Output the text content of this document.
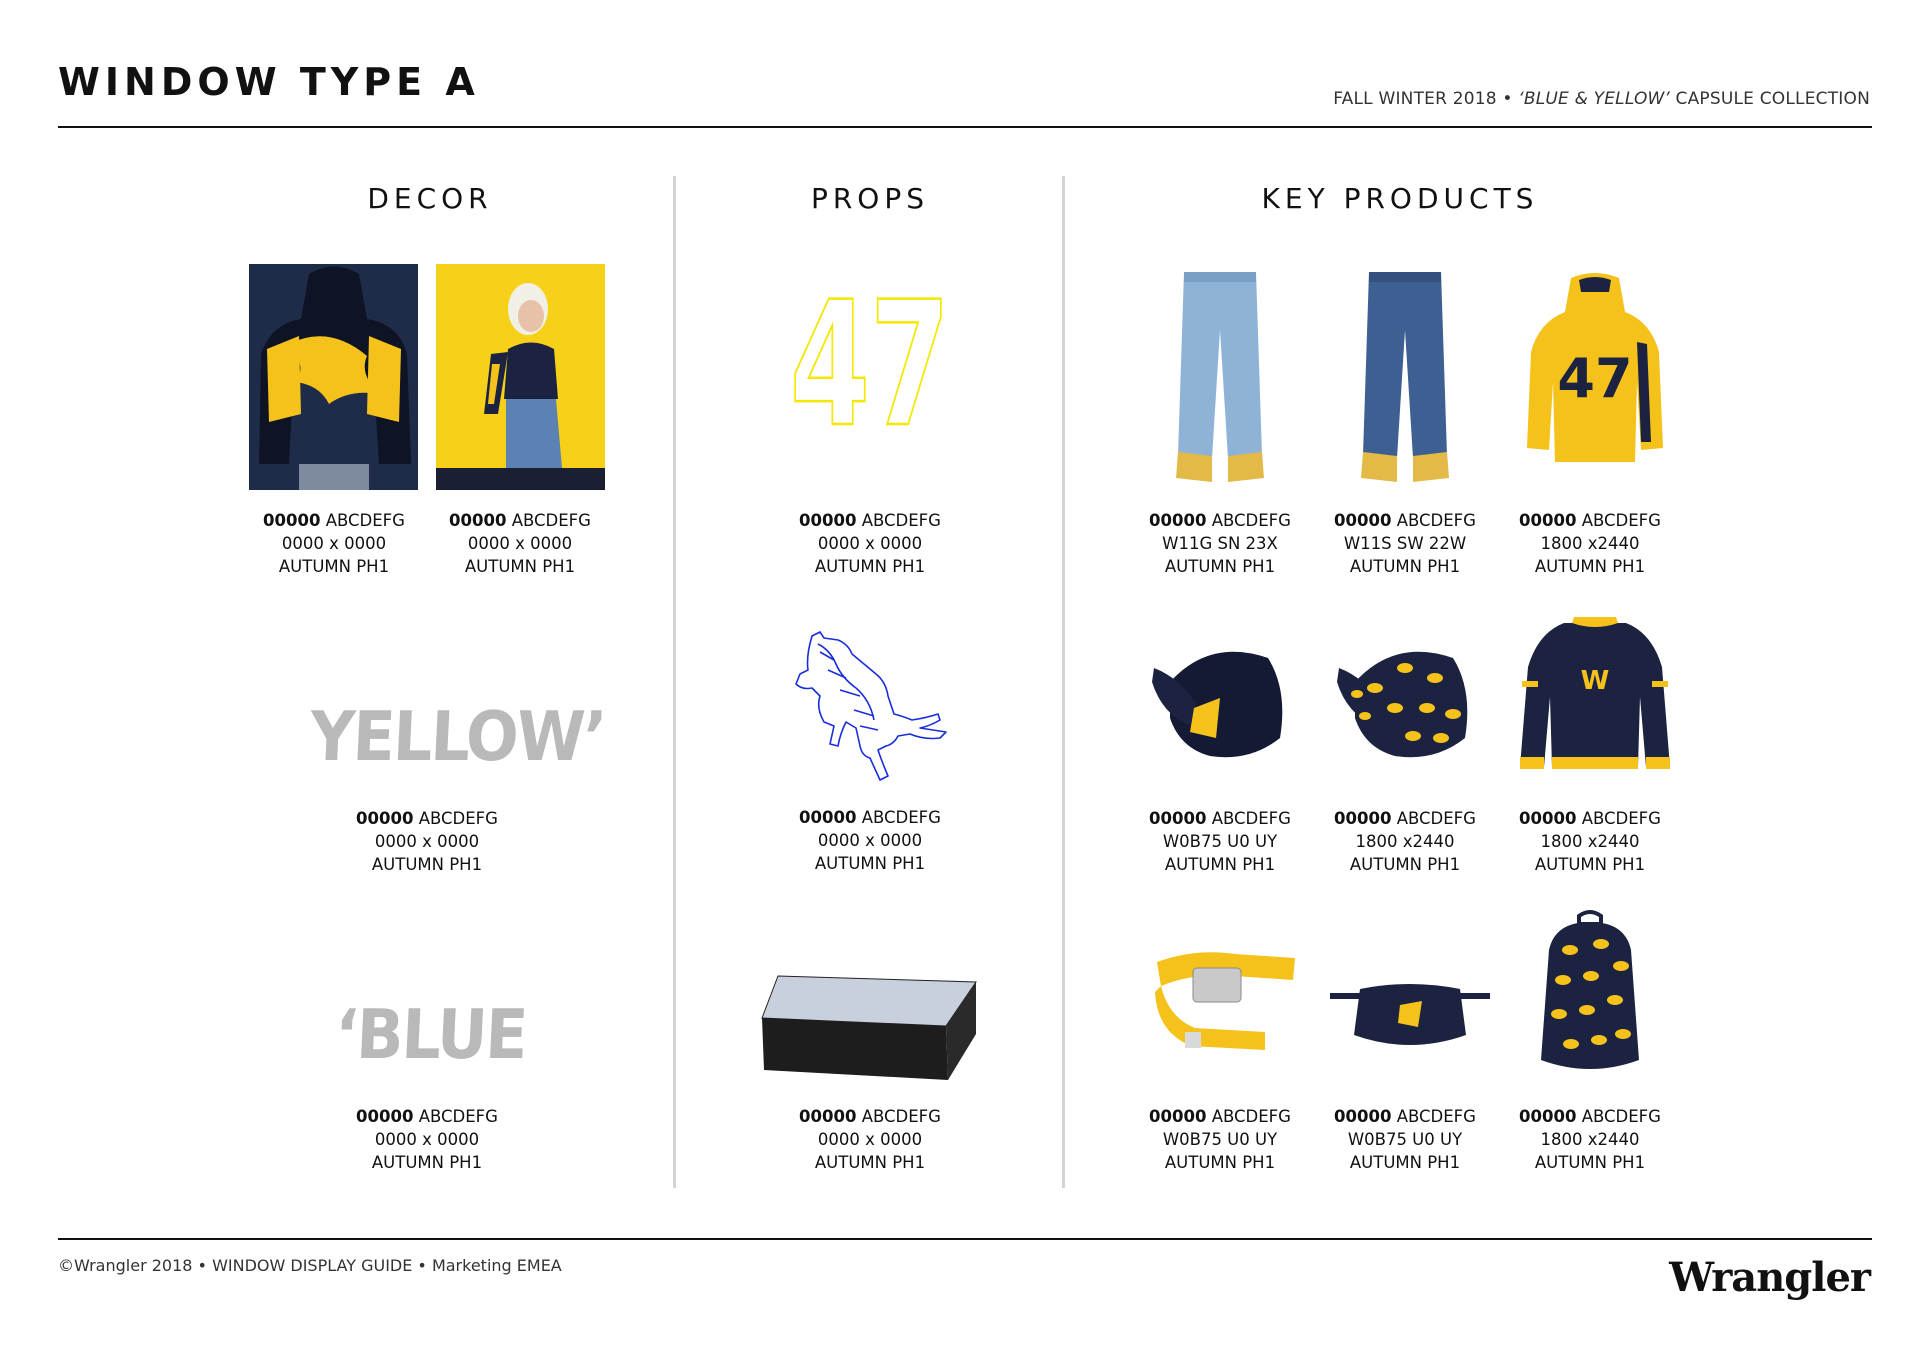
WINDOW TYPE A	FALL WINTER 2018 • ‘BLUE & YELLOW’ CAPSULE COLLECTION
DECOR	PROPS	KEY PRODUCTS
00000 ABCDEFG
0000 x 0000
AUTUMN PH1
00000 ABCDEFG
0000 x 0000
AUTUMN PH1
YELLOW’
00000 ABCDEFG
0000 x 0000
AUTUMN PH1
‘BLUE
00000 ABCDEFG
0000 x 0000
AUTUMN PH1
47
00000 ABCDEFG
0000 x 0000
AUTUMN PH1
00000 ABCDEFG
0000 x 0000
AUTUMN PH1
00000 ABCDEFG
0000 x 0000
AUTUMN PH1
47
00000 ABCDEFG
W11G SN 23X
AUTUMN PH1
00000 ABCDEFG
W11S SW 22W
AUTUMN PH1
00000 ABCDEFG
1800 x2440
AUTUMN PH1
W
00000 ABCDEFG
W0B75 U0 UY
AUTUMN PH1
00000 ABCDEFG
1800 x2440
AUTUMN PH1
00000 ABCDEFG
1800 x2440
AUTUMN PH1
00000 ABCDEFG
W0B75 U0 UY
AUTUMN PH1
00000 ABCDEFG
W0B75 U0 UY
AUTUMN PH1
00000 ABCDEFG
1800 x2440
AUTUMN PH1
©Wrangler 2018 • WINDOW DISPLAY GUIDE • Marketing EMEA	Wrangler
